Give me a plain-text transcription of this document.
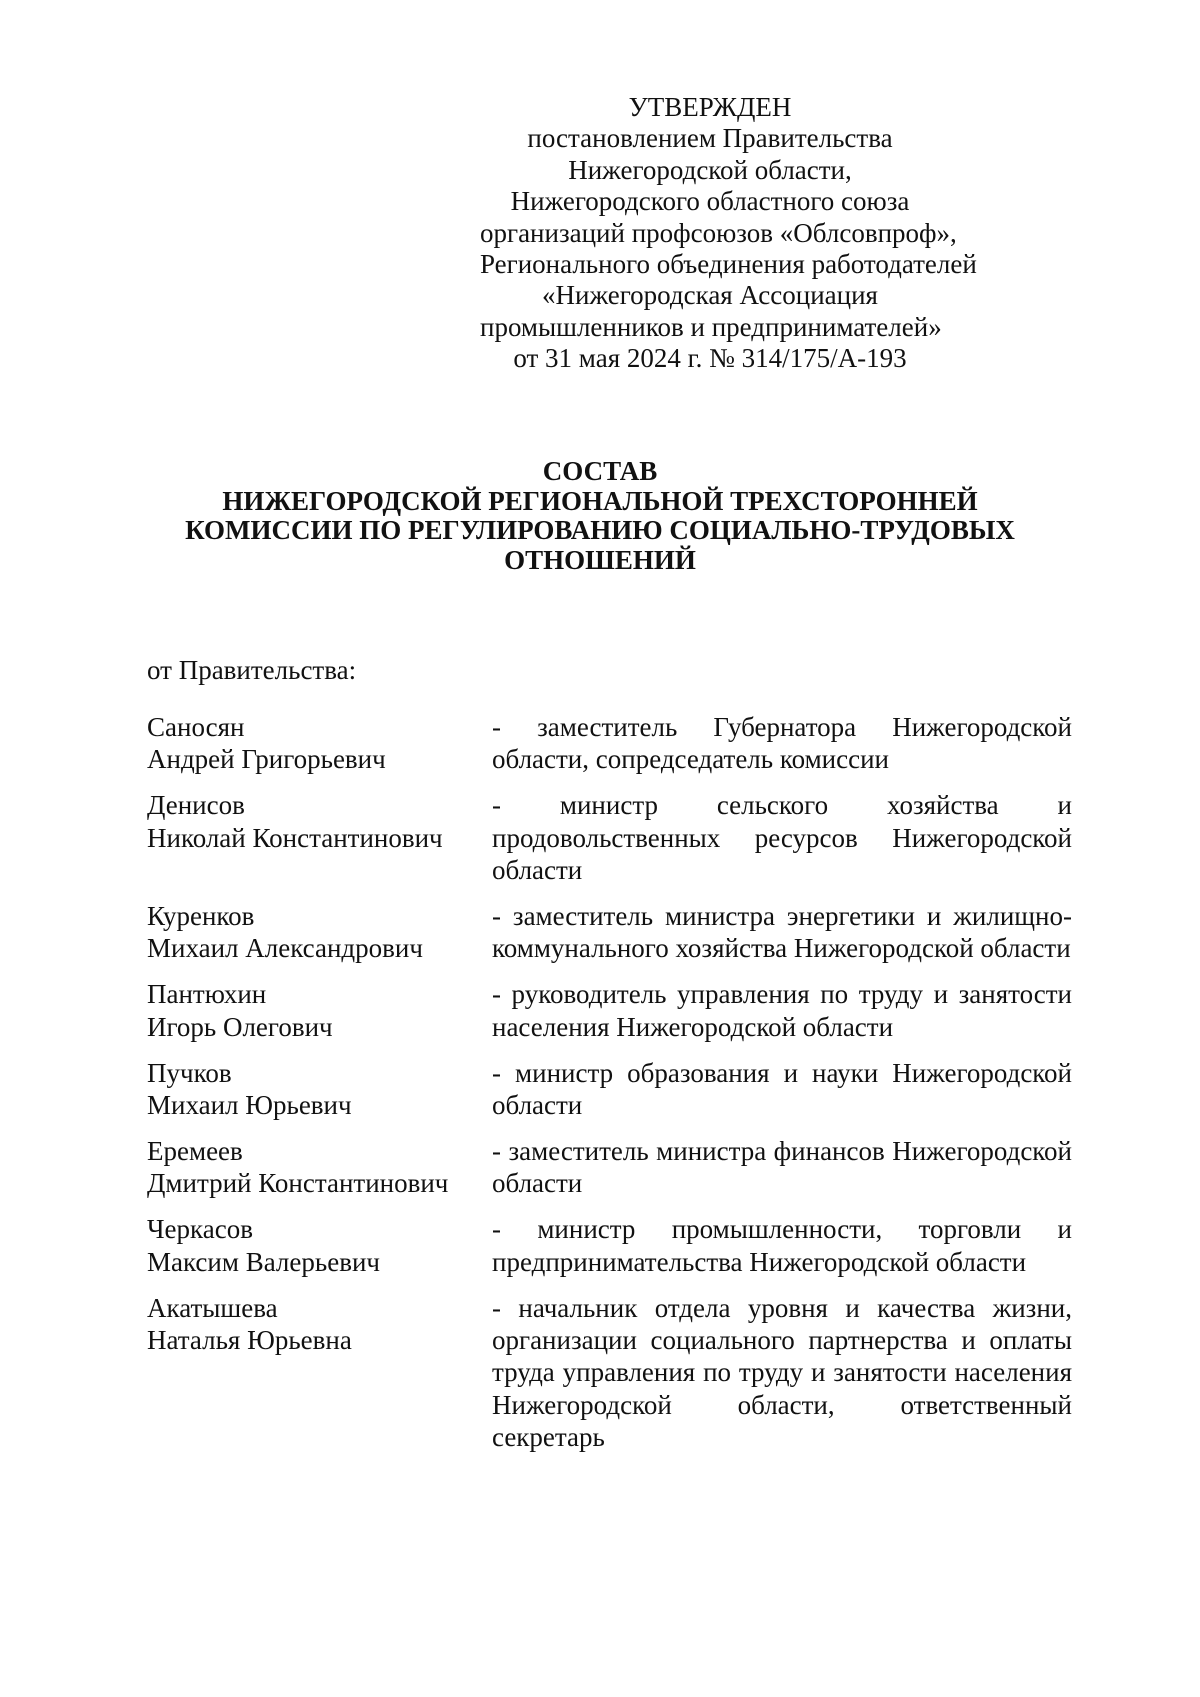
УТВЕРЖДЕН
постановлением Правительства
Нижегородской области,
Нижегородского областного союза
организаций профсоюзов «Облсовпроф»,
Регионального объединения работодателей
«Нижегородская Ассоциация
промышленников и предпринимателей»
от 31 мая 2024 г. № 314/175/А-193
СОСТАВ
НИЖЕГОРОДСКОЙ РЕГИОНАЛЬНОЙ ТРЕХСТОРОННЕЙ
КОМИССИИ ПО РЕГУЛИРОВАНИЮ СОЦИАЛЬНО-ТРУДОВЫХ
ОТНОШЕНИЙ
от Правительства:
Саносян
Андрей Григорьевич
- заместитель Губернатора Нижегородской области, сопредседатель комиссии
Денисов
Николай Константинович
- министр сельского хозяйства и продовольственных ресурсов Нижегородской области
Куренков
Михаил Александрович
- заместитель министра энергетики и жилищно-коммунального хозяйства Нижегородской области
Пантюхин
Игорь Олегович
- руководитель управления по труду и занятости населения Нижегородской области
Пучков
Михаил Юрьевич
- министр образования и науки Нижегородской области
Еремеев
Дмитрий Константинович
- заместитель министра финансов Нижегородской области
Черкасов
Максим Валерьевич
- министр промышленности, торговли и предпринимательства Нижегородской области
Акатышева
Наталья Юрьевна
- начальник отдела уровня и качества жизни, организации социального партнерства и оплаты труда управления по труду и занятости населения Нижегородской области, ответственный секретарь
